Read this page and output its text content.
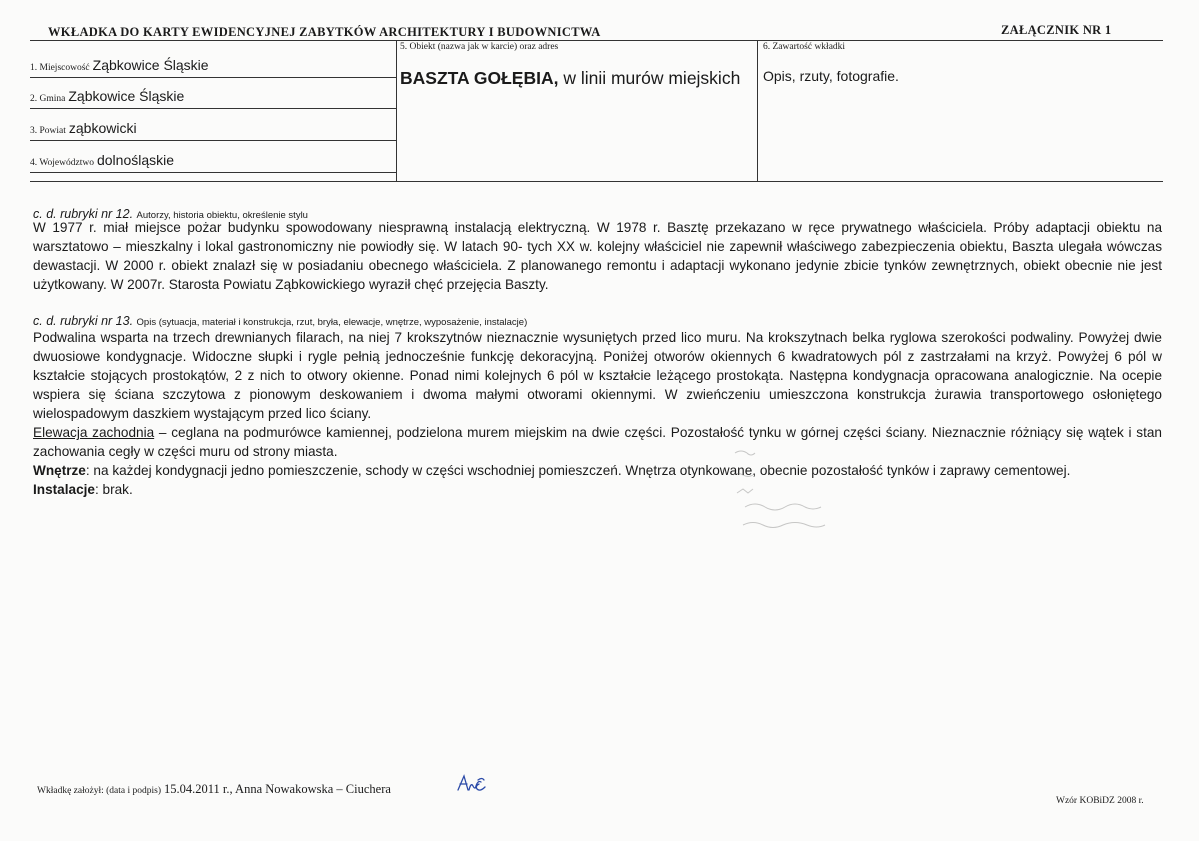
WKŁADKA DO KARTY EWIDENCYJNEJ ZABYTKÓW ARCHITEKTURY I BUDOWNICTWA	ZAŁĄCZNIK NR 1
1. Miejscowość Ząbkowice Śląskie
2. Gmina Ząbkowice Śląskie
3. Powiat ząbkowicki
4. Województwo dolnośląskie
5. Obiekt (nazwa jak w karcie) oraz adres
BASZTA GOŁĘBIA, w linii murów miejskich
6. Zawartość wkładki
Opis, rzuty, fotografie.
c. d. rubryki nr 12. Autorzy, historia obiektu, określenie stylu

W 1977 r. miał miejsce pożar budynku spowodowany niesprawną instalacją elektryczną. W 1978 r. Basztę przekazano w ręce prywatnego właściciela. Próby adaptacji obiektu na warsztatowo – mieszkalny i lokal gastronomiczny nie powiodły się. W latach 90- tych XX w. kolejny właściciel nie zapewnił właściwego zabezpieczenia obiektu, Baszta ulegała wówczas dewastacji. W 2000 r. obiekt znalazł się w posiadaniu obecnego właściciela. Z planowanego remontu i adaptacji wykonano jedynie zbicie tynków zewnętrznych, obiekt obecnie nie jest użytkowany. W 2007r. Starosta Powiatu Ząbkowickiego wyraził chęć przejęcia Baszty.

c. d. rubryki nr 13. Opis (sytuacja, materiał i konstrukcja, rzut, bryła, elewacje, wnętrze, wyposażenie, instalacje)

Podwalina wsparta na trzech drewnianych filarach, na niej 7 krokszytnów nieznacznie wysuniętych przed lico muru. Na krokszytnach belka ryglowa szerokości podwaliny. Powyżej dwie dwuosiowe kondygnacje. Widoczne słupki i rygle pełnią jednocześnie funkcję dekoracyjną. Poniżej otworów okiennych 6 kwadratowych pól z zastrzałami na krzyż. Powyżej 6 pól w kształcie stojących prostokątów, 2 z nich to otwory okienne. Ponad nimi kolejnych 6 pól w kształcie leżącego prostokąta. Następna kondygnacja opracowana analogicznie. Na ocepie wspiera się ściana szczytowa z pionowym deskowaniem i dwoma małymi otworami okiennymi. W zwieńczeniu umieszczona konstrukcja żurawia transportowego osłoniętego wielospadowym daszkiem wystającym przed lico ściany.

Elewacja zachodnia – ceglana na podmurówce kamiennej, podzielona murem miejskim na dwie części. Pozostałość tynku w górnej części ściany. Nieznacznie różniący się wątek i stan zachowania cegły w części muru od strony miasta.

Wnętrze: na każdej kondygnacji jedno pomieszczenie, schody w części wschodniej pomieszczeń. Wnętrza otynkowane, obecnie pozostałość tynków i zaprawy cementowej.

Instalacje: brak.

Wkładkę założył: (data i podpis) 15.04.2011 r., Anna Nowakowska – Ciuchera
Wzór KOBiDZ 2008 r.
